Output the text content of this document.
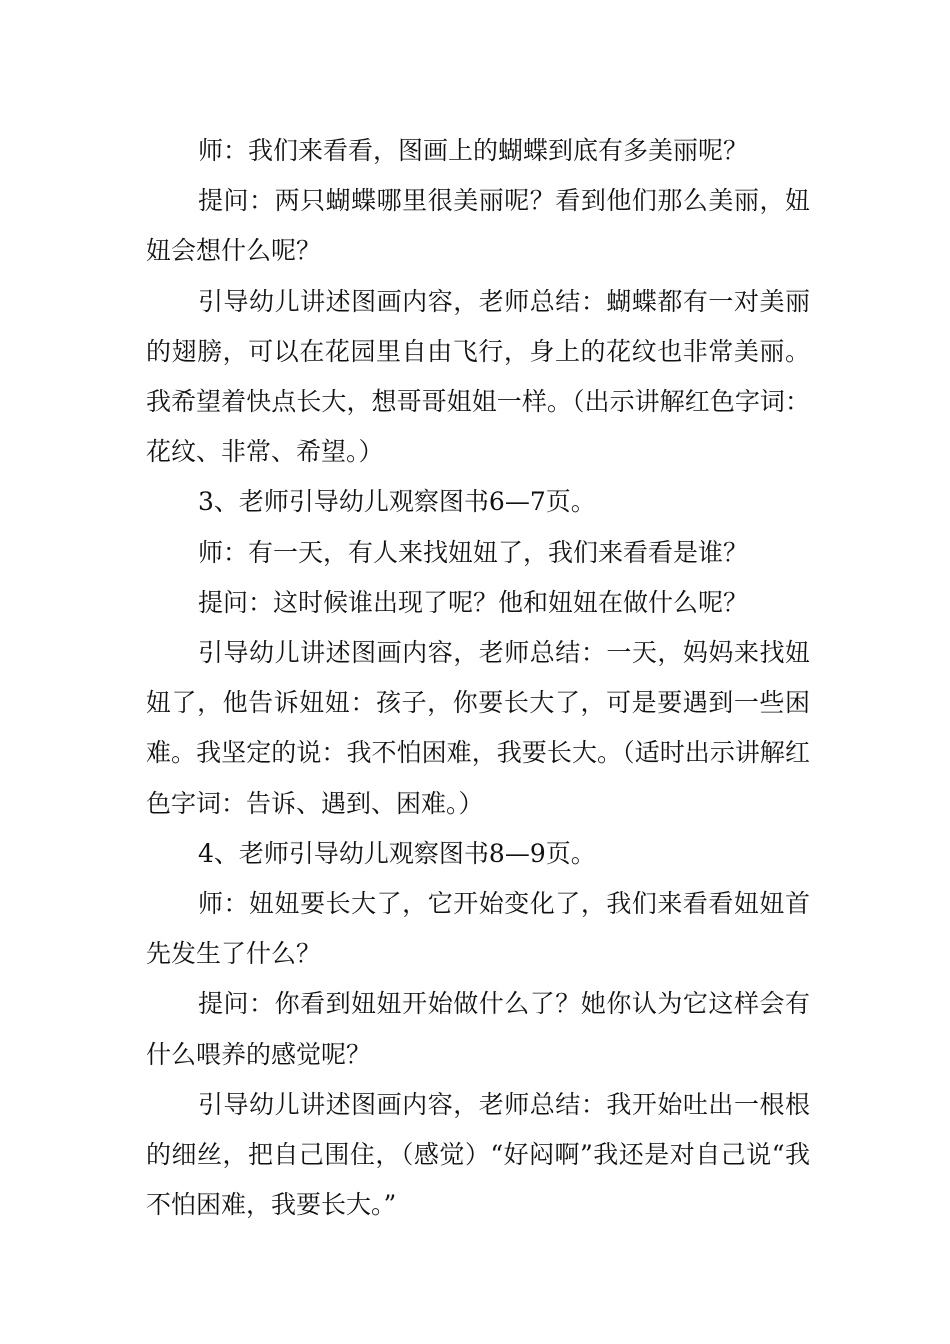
师：我们来看看，图画上的蝴蝶到底有多美丽呢？

提问：两只蝴蝶哪里很美丽呢？看到他们那么美丽，妞妞会想什么呢？

引导幼儿讲述图画内容，老师总结：蝴蝶都有一对美丽的翅膀，可以在花园里自由飞行，身上的花纹也非常美丽。我希望着快点长大，想哥哥姐姐一样。（出示讲解红色字词：花纹、非常、希望。）

3、老师引导幼儿观察图书6—7页。

师：有一天，有人来找妞妞了，我们来看看是谁？

提问：这时候谁出现了呢？他和妞妞在做什么呢？

引导幼儿讲述图画内容，老师总结：一天，妈妈来找妞妞了，他告诉妞妞：孩子，你要长大了，可是要遇到一些困难。我坚定的说：我不怕困难，我要长大。（适时出示讲解红色字词：告诉、遇到、困难。）

4、老师引导幼儿观察图书8—9页。

师：妞妞要长大了，它开始变化了，我们来看看妞妞首先发生了什么？

提问：你看到妞妞开始做什么了？她你认为它这样会有什么喂养的感觉呢？

引导幼儿讲述图画内容，老师总结：我开始吐出一根根的细丝，把自己围住，（感觉）“好闷啊”我还是对自己说“我不怕困难，我要长大。”
